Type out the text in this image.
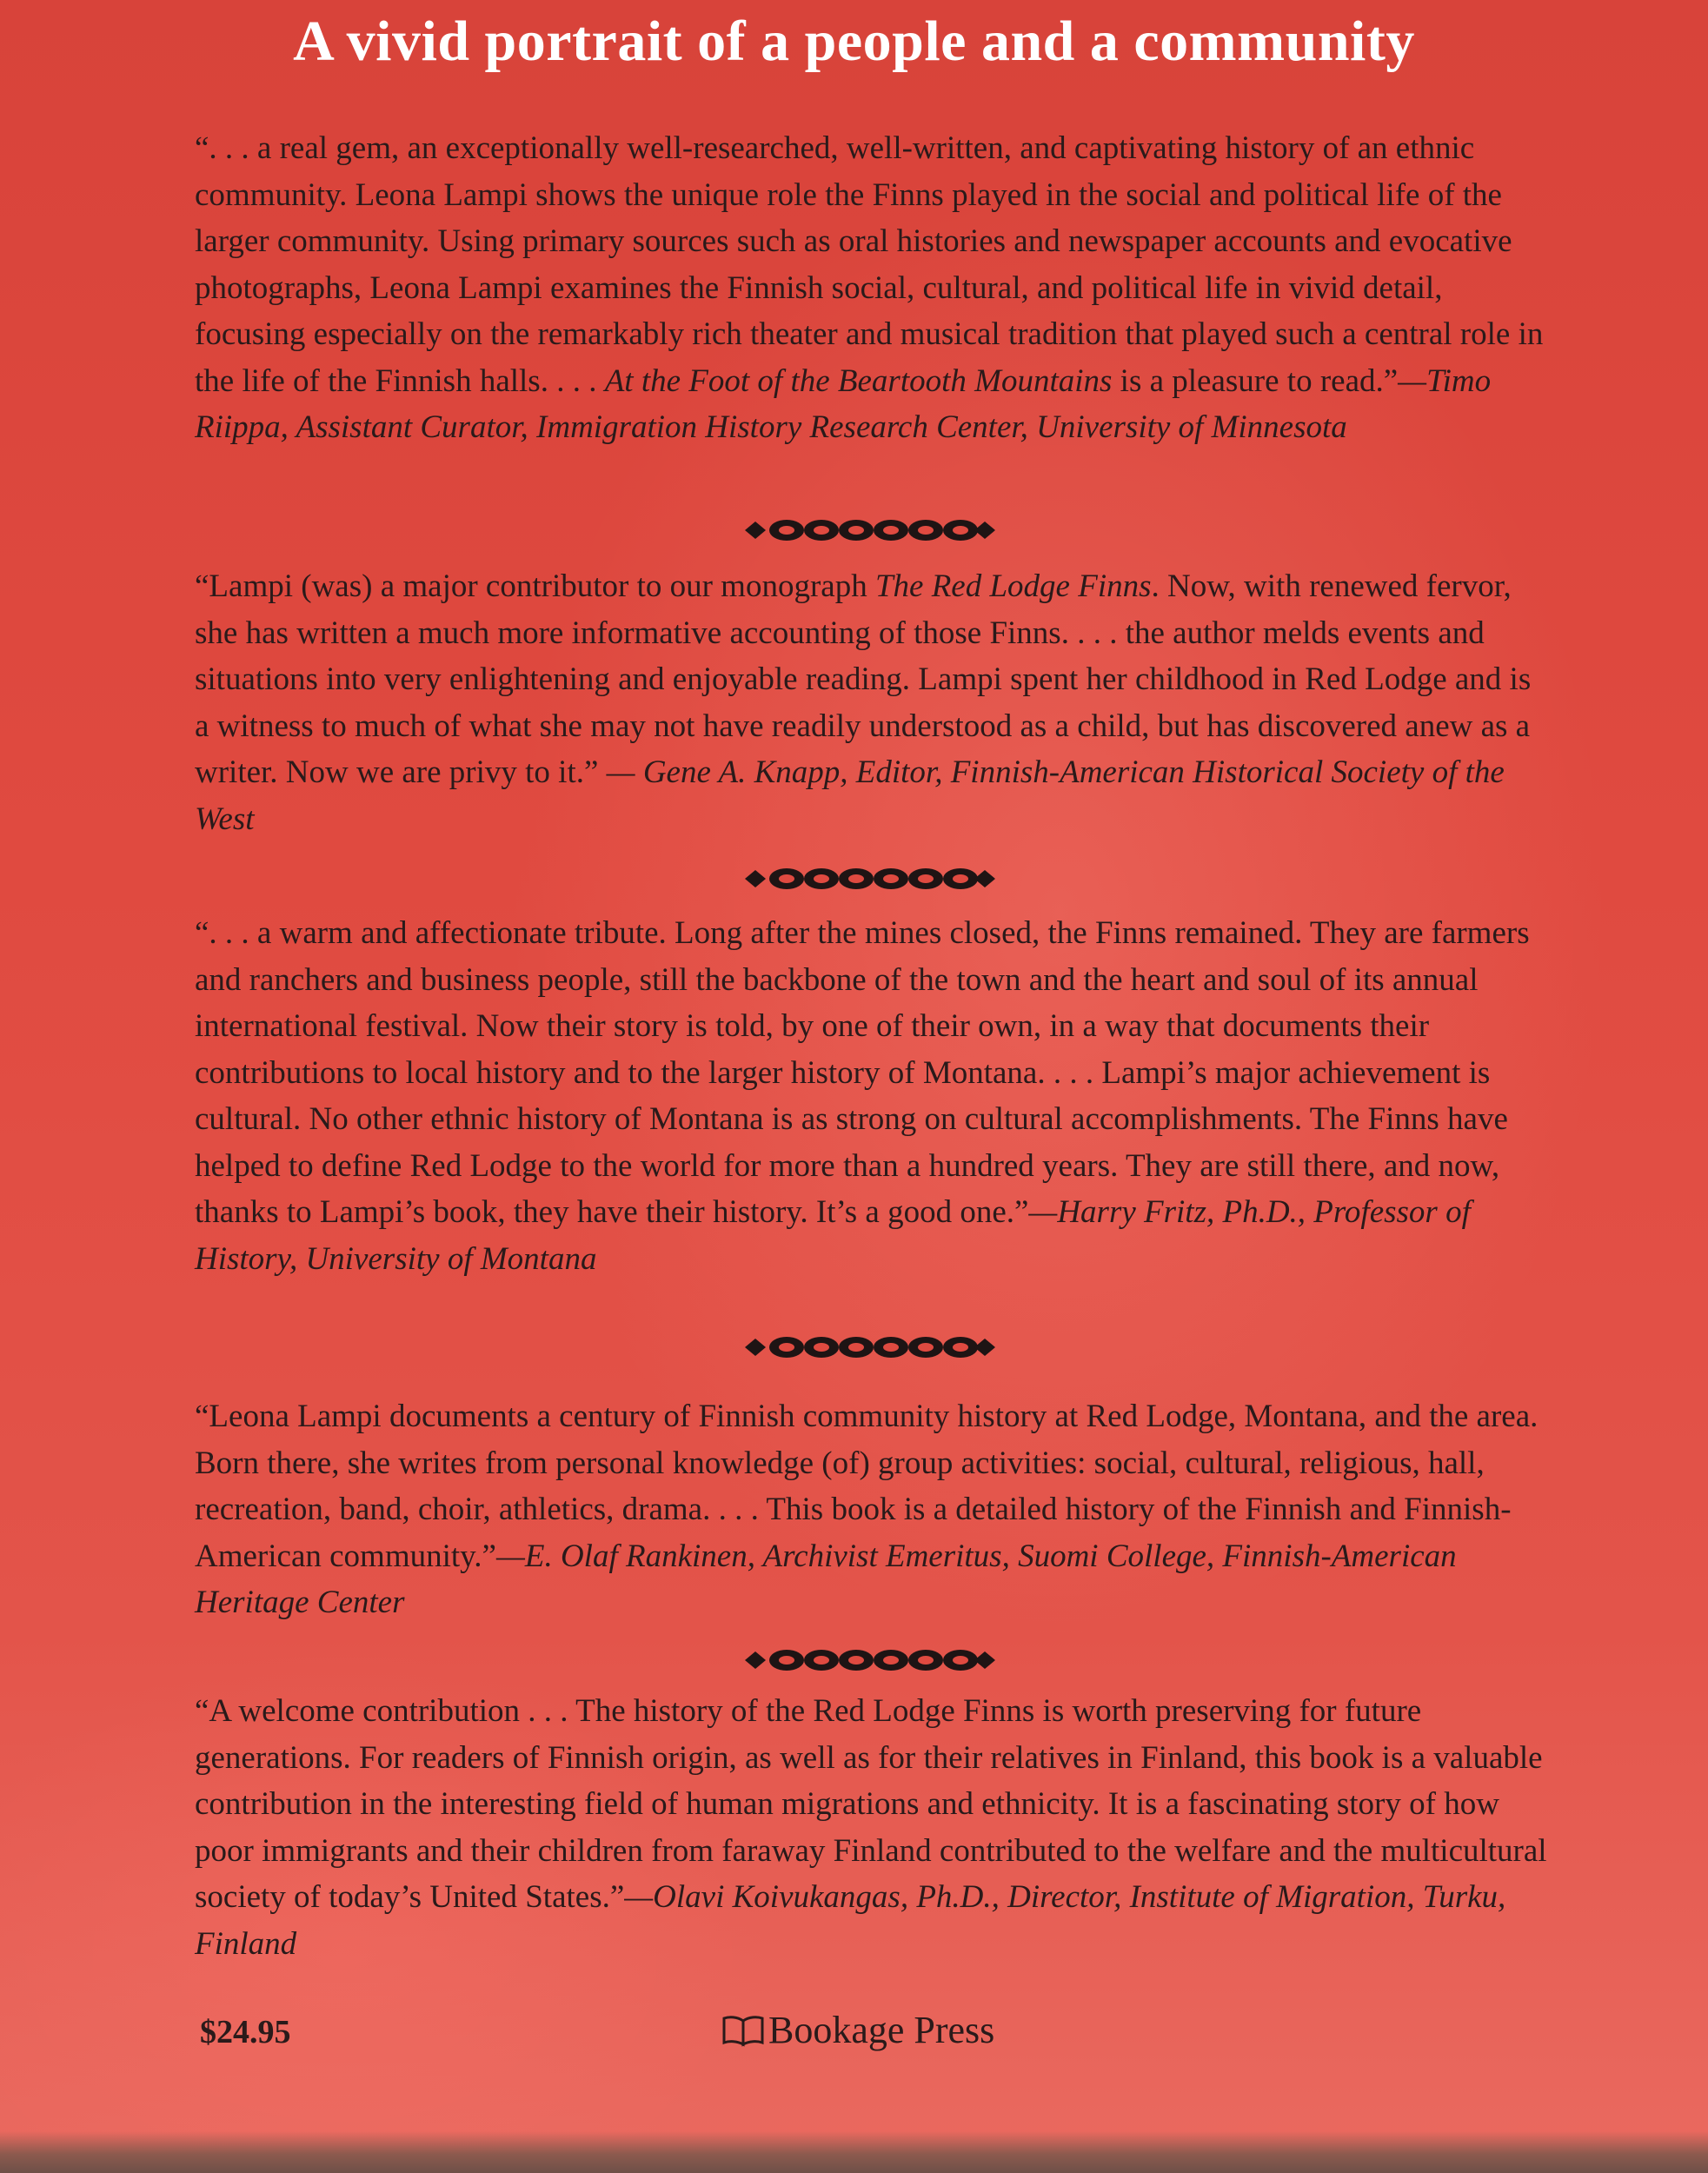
A vivid portrait of a people and a community

“. . . a real gem, an exceptionally well-researched, well-written, and captivating history of an ethnic community. Leona Lampi shows the unique role the Finns played in the social and political life of the larger community. Using primary sources such as oral histories and newspaper accounts and evocative photographs, Leona Lampi examines the Finnish social, cultural, and political life in vivid detail, focusing especially on the remarkably rich theater and musical tradition that played such a central role in the life of the Finnish halls. . . . At the Foot of the Beartooth Mountains is a pleasure to read.”—Timo Riippa, Assistant Curator, Immigration History Research Center, University of Minnesota

“Lampi (was) a major contributor to our monograph The Red Lodge Finns. Now, with renewed fervor, she has written a much more informative accounting of those Finns. . . . the author melds events and situations into very enlightening and enjoyable reading. Lampi spent her childhood in Red Lodge and is a witness to much of what she may not have readily understood as a child, but has discovered anew as a writer. Now we are privy to it.” — Gene A. Knapp, Editor, Finnish-American Historical Society of the West

“. . . a warm and affectionate tribute. Long after the mines closed, the Finns remained. They are farmers and ranchers and business people, still the backbone of the town and the heart and soul of its annual international festival. Now their story is told, by one of their own, in a way that documents their contributions to local history and to the larger history of Montana. . . . Lampi’s major achievement is cultural. No other ethnic history of Montana is as strong on cultural accomplishments. The Finns have helped to define Red Lodge to the world for more than a hundred years. They are still there, and now, thanks to Lampi’s book, they have their history. It’s a good one.”—Harry Fritz, Ph.D., Professor of History, University of Montana

“Leona Lampi documents a century of Finnish community history at Red Lodge, Montana, and the area. Born there, she writes from personal knowledge (of) group activities: social, cultural, religious, hall, recreation, band, choir, athletics, drama. . . . This book is a detailed history of the Finnish and Finnish-American community.”—E. Olaf Rankinen, Archivist Emeritus, Suomi College, Finnish-American Heritage Center

“A welcome contribution . . . The history of the Red Lodge Finns is worth preserving for future generations. For readers of Finnish origin, as well as for their relatives in Finland, this book is a valuable contribution in the interesting field of human migrations and ethnicity. It is a fascinating story of how poor immigrants and their children from faraway Finland contributed to the welfare and the multicultural society of today’s United States.”—Olavi Koivukangas, Ph.D., Director, Institute of Migration, Turku, Finland

$24.95	Bookage Press
